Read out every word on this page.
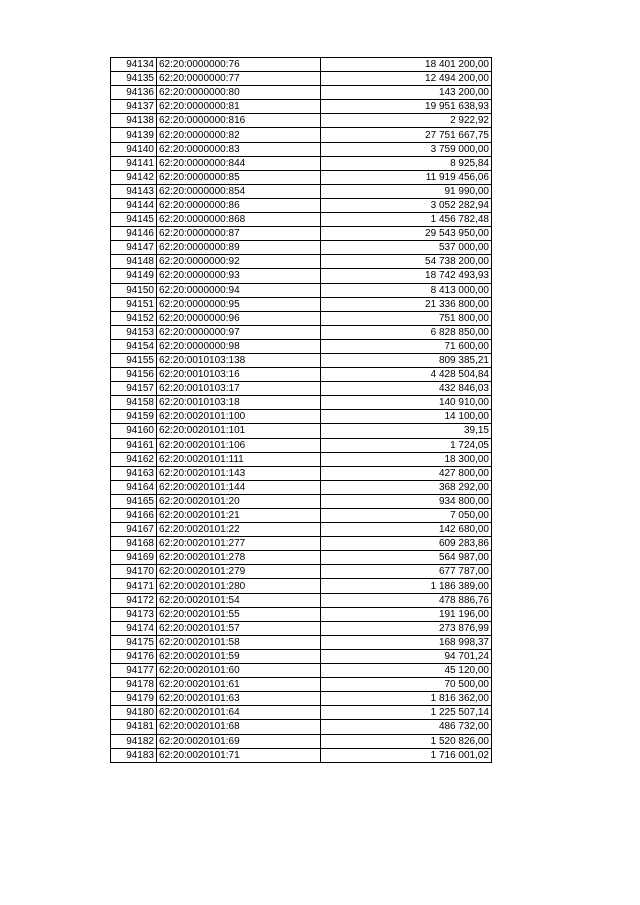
94134	62:20:0000000:76	18 401 200,00
94135	62:20:0000000:77	12 494 200,00
94136	62:20:0000000:80	143 200,00
94137	62:20:0000000:81	19 951 638,93
94138	62:20:0000000:816	2 922,92
94139	62:20:0000000:82	27 751 667,75
94140	62:20:0000000:83	3 759 000,00
94141	62:20:0000000:844	8 925,84
94142	62:20:0000000:85	11 919 456,06
94143	62:20:0000000:854	91 990,00
94144	62:20:0000000:86	3 052 282,94
94145	62:20:0000000:868	1 456 782,48
94146	62:20:0000000:87	29 543 950,00
94147	62:20:0000000:89	537 000,00
94148	62:20:0000000:92	54 738 200,00
94149	62:20:0000000:93	18 742 493,93
94150	62:20:0000000:94	8 413 000,00
94151	62:20:0000000:95	21 336 800,00
94152	62:20:0000000:96	751 800,00
94153	62:20:0000000:97	6 828 850,00
94154	62:20:0000000:98	71 600,00
94155	62:20:0010103:138	809 385,21
94156	62:20:0010103:16	4 428 504,84
94157	62:20:0010103:17	432 846,03
94158	62:20:0010103:18	140 910,00
94159	62:20:0020101:100	14 100,00
94160	62:20:0020101:101	39,15
94161	62:20:0020101:106	1 724,05
94162	62:20:0020101:111	18 300,00
94163	62:20:0020101:143	427 800,00
94164	62:20:0020101:144	368 292,00
94165	62:20:0020101:20	934 800,00
94166	62:20:0020101:21	7 050,00
94167	62:20:0020101:22	142 680,00
94168	62:20:0020101:277	609 283,86
94169	62:20:0020101:278	564 987,00
94170	62:20:0020101:279	677 787,00
94171	62:20:0020101:280	1 186 389,00
94172	62:20:0020101:54	478 886,76
94173	62:20:0020101:55	191 196,00
94174	62:20:0020101:57	273 876,99
94175	62:20:0020101:58	168 998,37
94176	62:20:0020101:59	94 701,24
94177	62:20:0020101:60	45 120,00
94178	62:20:0020101:61	70 500,00
94179	62:20:0020101:63	1 816 362,00
94180	62:20:0020101:64	1 225 507,14
94181	62:20:0020101:68	486 732,00
94182	62:20:0020101:69	1 520 826,00
94183	62:20:0020101:71	1 716 001,02
